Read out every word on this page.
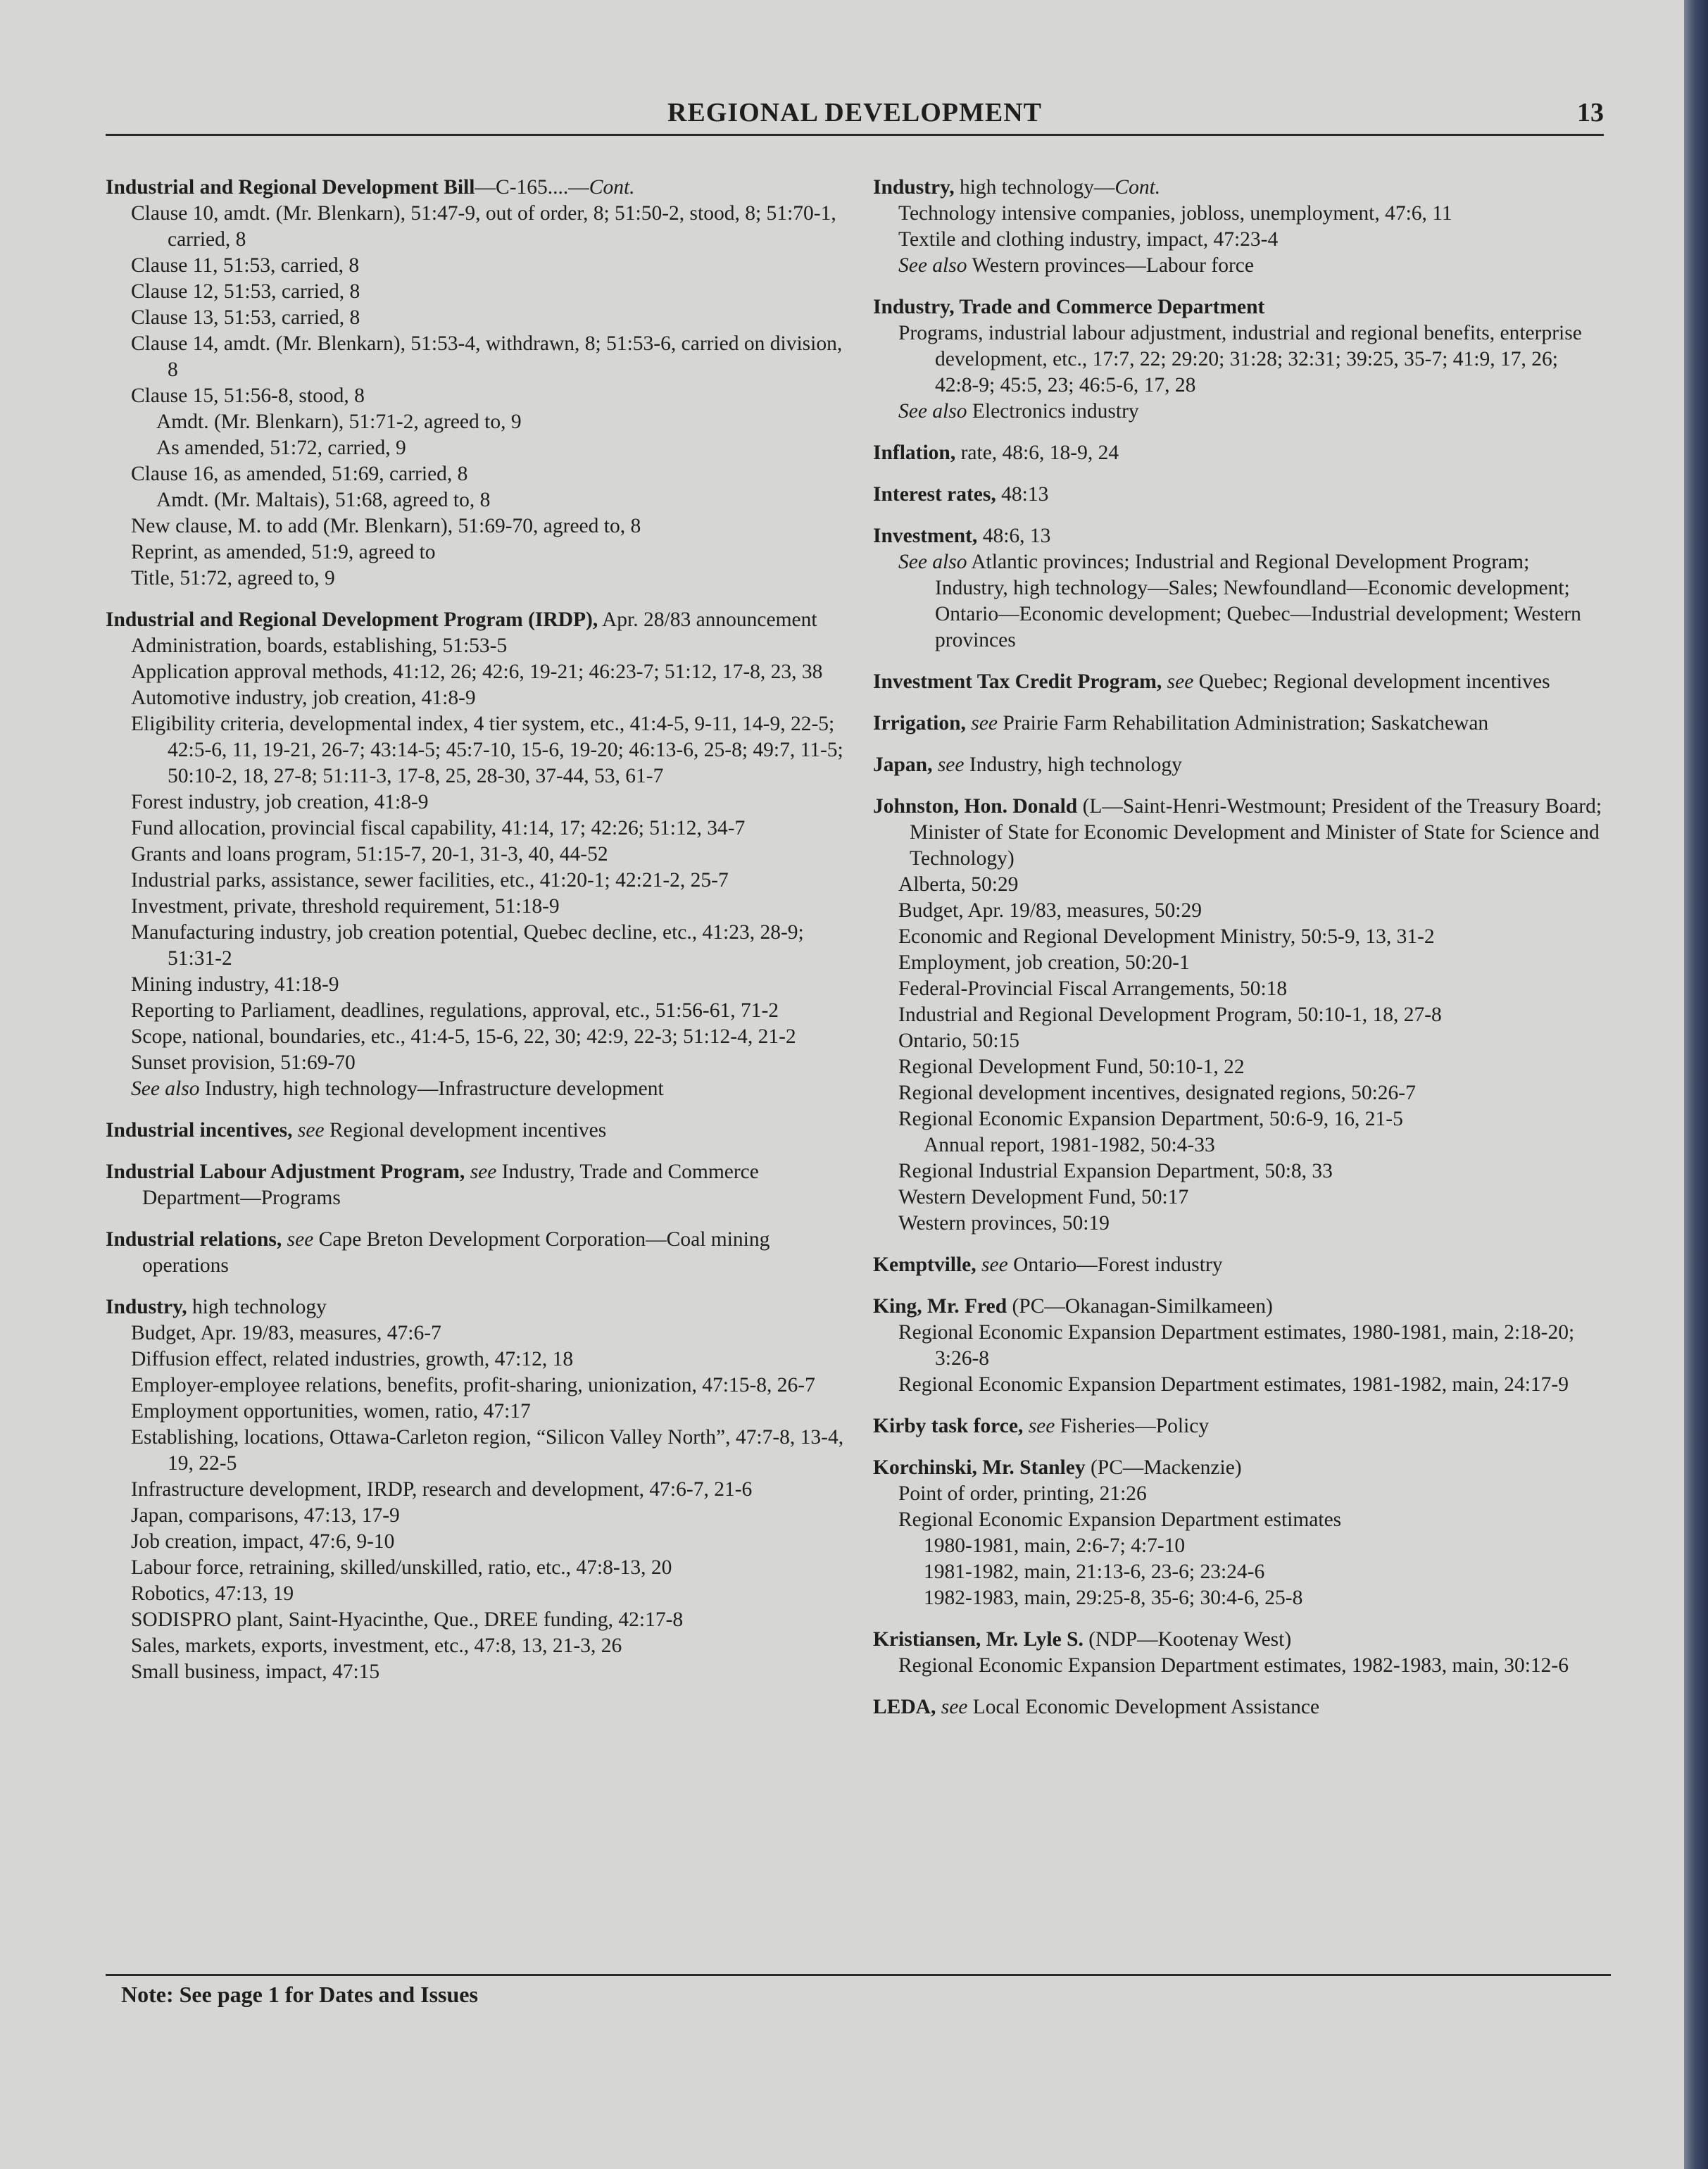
REGIONAL DEVELOPMENT	13
Industrial and Regional Development Bill—C-165....—Cont.
Clause 10, amdt. (Mr. Blenkarn), 51:47-9, out of order, 8; 51:50-2, stood, 8; 51:70-1, carried, 8
Clause 11, 51:53, carried, 8
Clause 12, 51:53, carried, 8
Clause 13, 51:53, carried, 8
Clause 14, amdt. (Mr. Blenkarn), 51:53-4, withdrawn, 8; 51:53-6, carried on division, 8
Clause 15, 51:56-8, stood, 8
Amdt. (Mr. Blenkarn), 51:71-2, agreed to, 9
As amended, 51:72, carried, 9
Clause 16, as amended, 51:69, carried, 8
Amdt. (Mr. Maltais), 51:68, agreed to, 8
New clause, M. to add (Mr. Blenkarn), 51:69-70, agreed to, 8
Reprint, as amended, 51:9, agreed to
Title, 51:72, agreed to, 9
Industrial and Regional Development Program (IRDP), Apr. 28/83 announcement
Administration, boards, establishing, 51:53-5
Application approval methods, 41:12, 26; 42:6, 19-21; 46:23-7; 51:12, 17-8, 23, 38
Automotive industry, job creation, 41:8-9
Eligibility criteria, developmental index, 4 tier system, etc., 41:4-5, 9-11, 14-9, 22-5; 42:5-6, 11, 19-21, 26-7; 43:14-5; 45:7-10, 15-6, 19-20; 46:13-6, 25-8; 49:7, 11-5; 50:10-2, 18, 27-8; 51:11-3, 17-8, 25, 28-30, 37-44, 53, 61-7
Forest industry, job creation, 41:8-9
Fund allocation, provincial fiscal capability, 41:14, 17; 42:26; 51:12, 34-7
Grants and loans program, 51:15-7, 20-1, 31-3, 40, 44-52
Industrial parks, assistance, sewer facilities, etc., 41:20-1; 42:21-2, 25-7
Investment, private, threshold requirement, 51:18-9
Manufacturing industry, job creation potential, Quebec decline, etc., 41:23, 28-9; 51:31-2
Mining industry, 41:18-9
Reporting to Parliament, deadlines, regulations, approval, etc., 51:56-61, 71-2
Scope, national, boundaries, etc., 41:4-5, 15-6, 22, 30; 42:9, 22-3; 51:12-4, 21-2
Sunset provision, 51:69-70
See also Industry, high technology—Infrastructure development
Industrial incentives, see Regional development incentives
Industrial Labour Adjustment Program, see Industry, Trade and Commerce Department—Programs
Industrial relations, see Cape Breton Development Corporation—Coal mining operations
Industry, high technology
Budget, Apr. 19/83, measures, 47:6-7
Diffusion effect, related industries, growth, 47:12, 18
Employer-employee relations, benefits, profit-sharing, unionization, 47:15-8, 26-7
Employment opportunities, women, ratio, 47:17
Establishing, locations, Ottawa-Carleton region, “Silicon Valley North”, 47:7-8, 13-4, 19, 22-5
Infrastructure development, IRDP, research and development, 47:6-7, 21-6
Japan, comparisons, 47:13, 17-9
Job creation, impact, 47:6, 9-10
Labour force, retraining, skilled/unskilled, ratio, etc., 47:8-13, 20
Robotics, 47:13, 19
SODISPRO plant, Saint-Hyacinthe, Que., DREE funding, 42:17-8
Sales, markets, exports, investment, etc., 47:8, 13, 21-3, 26
Small business, impact, 47:15
Industry, high technology—Cont.
Technology intensive companies, jobloss, unemployment, 47:6, 11
Textile and clothing industry, impact, 47:23-4
See also Western provinces—Labour force
Industry, Trade and Commerce Department
Programs, industrial labour adjustment, industrial and regional benefits, enterprise development, etc., 17:7, 22; 29:20; 31:28; 32:31; 39:25, 35-7; 41:9, 17, 26; 42:8-9; 45:5, 23; 46:5-6, 17, 28
See also Electronics industry
Inflation, rate, 48:6, 18-9, 24
Interest rates, 48:13
Investment, 48:6, 13
See also Atlantic provinces; Industrial and Regional Development Program; Industry, high technology—Sales; Newfoundland—Economic development; Ontario—Economic development; Quebec—Industrial development; Western provinces
Investment Tax Credit Program, see Quebec; Regional development incentives
Irrigation, see Prairie Farm Rehabilitation Administration; Saskatchewan
Japan, see Industry, high technology
Johnston, Hon. Donald (L—Saint-Henri-Westmount; President of the Treasury Board; Minister of State for Economic Development and Minister of State for Science and Technology)
Alberta, 50:29
Budget, Apr. 19/83, measures, 50:29
Economic and Regional Development Ministry, 50:5-9, 13, 31-2
Employment, job creation, 50:20-1
Federal-Provincial Fiscal Arrangements, 50:18
Industrial and Regional Development Program, 50:10-1, 18, 27-8
Ontario, 50:15
Regional Development Fund, 50:10-1, 22
Regional development incentives, designated regions, 50:26-7
Regional Economic Expansion Department, 50:6-9, 16, 21-5
Annual report, 1981-1982, 50:4-33
Regional Industrial Expansion Department, 50:8, 33
Western Development Fund, 50:17
Western provinces, 50:19
Kemptville, see Ontario—Forest industry
King, Mr. Fred (PC—Okanagan-Similkameen)
Regional Economic Expansion Department estimates, 1980-1981, main, 2:18-20; 3:26-8
Regional Economic Expansion Department estimates, 1981-1982, main, 24:17-9
Kirby task force, see Fisheries—Policy
Korchinski, Mr. Stanley (PC—Mackenzie)
Point of order, printing, 21:26
Regional Economic Expansion Department estimates
1980-1981, main, 2:6-7; 4:7-10
1981-1982, main, 21:13-6, 23-6; 23:24-6
1982-1983, main, 29:25-8, 35-6; 30:4-6, 25-8
Kristiansen, Mr. Lyle S. (NDP—Kootenay West)
Regional Economic Expansion Department estimates, 1982-1983, main, 30:12-6
LEDA, see Local Economic Development Assistance
Note: See page 1 for Dates and Issues
